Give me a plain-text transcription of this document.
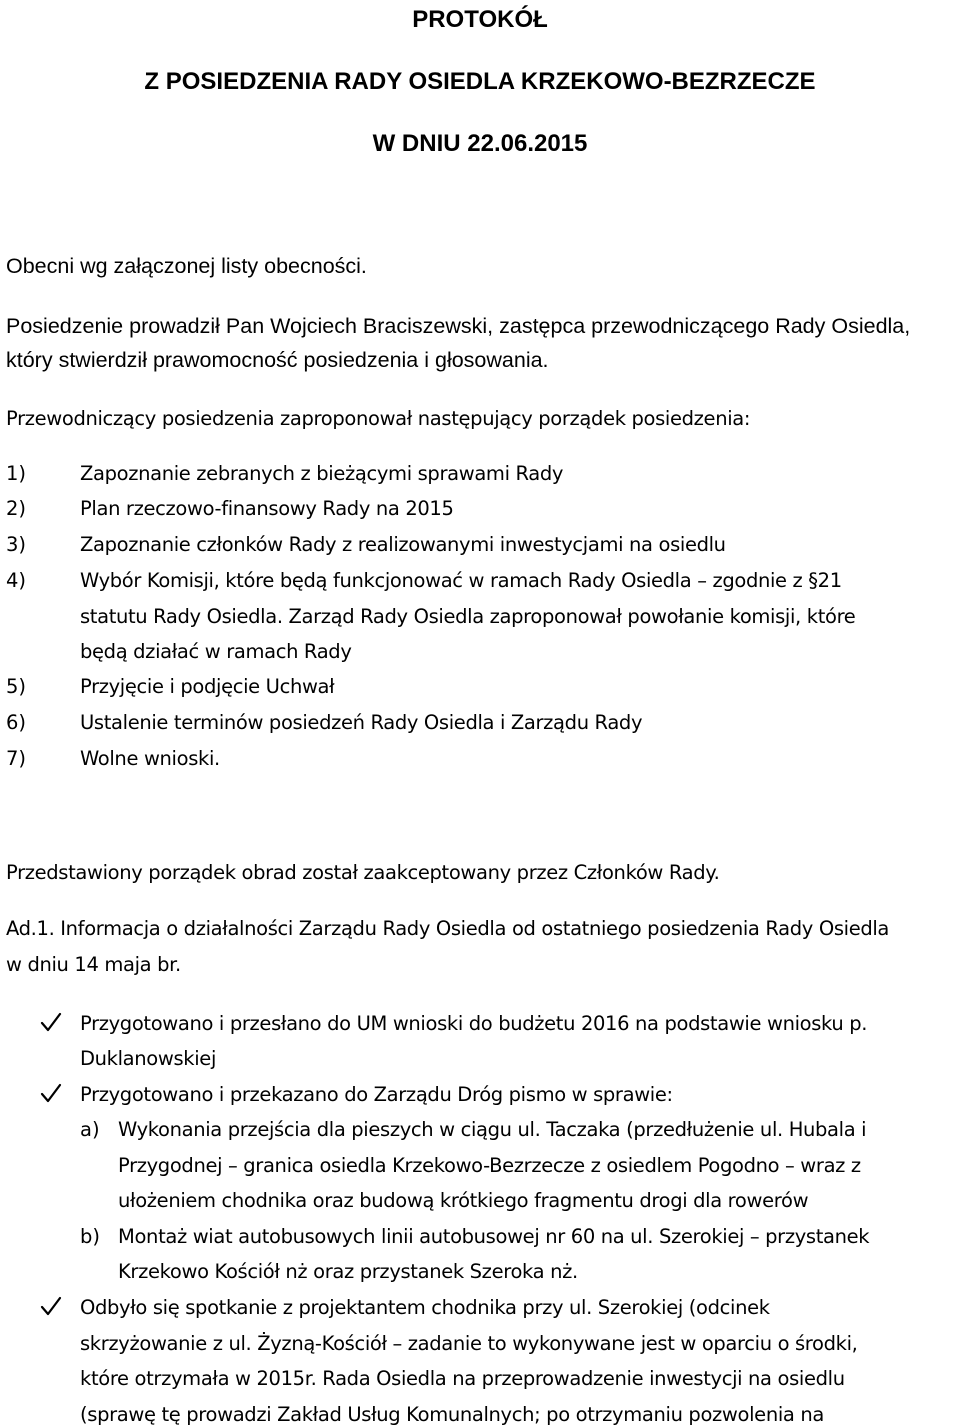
PROTOKÓŁ
Z POSIEDZENIA RADY OSIEDLA KRZEKOWO-BEZRZECZE
W DNIU 22.06.2015
Obecni wg załączonej listy obecności.
Posiedzenie prowadził Pan Wojciech Braciszewski, zastępca przewodniczącego Rady Osiedla,
który stwierdził prawomocność posiedzenia i głosowania.
Przewodniczący posiedzenia zaproponował następujący porządek posiedzenia:
1)	Zapoznanie zebranych z bieżącymi sprawami Rady
2)	Plan rzeczowo-finansowy Rady na 2015
3)	Zapoznanie członków Rady z realizowanymi inwestycjami na osiedlu
4)	Wybór Komisji, które będą funkcjonować w ramach Rady Osiedla – zgodnie z §21
statutu Rady Osiedla. Zarząd Rady Osiedla zaproponował powołanie komisji, które
będą działać w ramach Rady
5)	Przyjęcie i podjęcie Uchwał
6)	Ustalenie terminów posiedzeń Rady Osiedla i Zarządu Rady
7)	Wolne wnioski.
Przedstawiony porządek obrad został zaakceptowany przez Członków Rady.
Ad.1. Informacja o działalności Zarządu Rady Osiedla od ostatniego posiedzenia Rady Osiedla
w dniu 14 maja br.
Przygotowano i przesłano do UM wnioski do budżetu 2016 na podstawie wniosku p.
Duklanowskiej
Przygotowano i przekazano do Zarządu Dróg pismo w sprawie:
a) Wykonania przejścia dla pieszych w ciągu ul. Taczaka (przedłużenie ul. Hubala i
Przygodnej – granica osiedla Krzekowo-Bezrzecze z osiedlem Pogodno – wraz z
ułożeniem chodnika oraz budową krótkiego fragmentu drogi dla rowerów
b) Montaż wiat autobusowych linii autobusowej nr 60 na ul. Szerokiej – przystanek
Krzekowo Kościół nż oraz przystanek Szeroka nż.
Odbyło się spotkanie z projektantem chodnika przy ul. Szerokiej (odcinek
skrzyżowanie z ul. Żyzną-Kościół – zadanie to wykonywane jest w oparciu o środki,
które otrzymała w 2015r. Rada Osiedla na przeprowadzenie inwestycji na osiedlu
(sprawę tę prowadzi Zakład Usług Komunalnych; po otrzymaniu pozwolenia na
